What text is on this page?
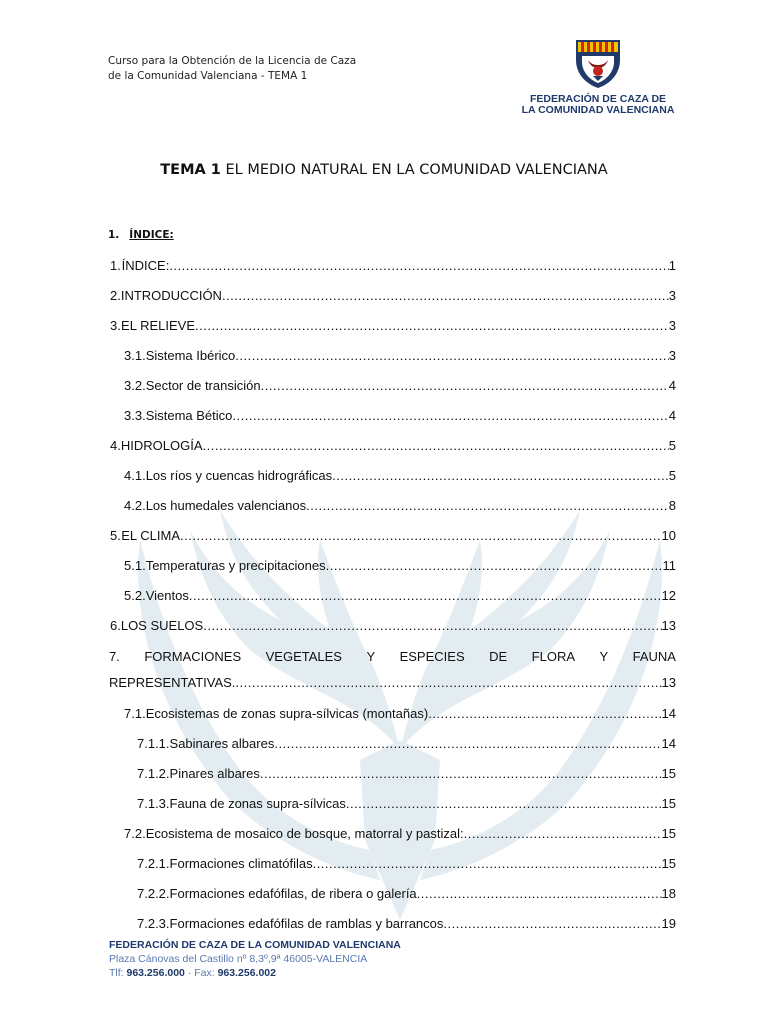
Curso para la Obtención de la Licencia de Caza
de la Comunidad Valenciana - TEMA 1
FEDERACIÓN DE CAZA DE
LA COMUNIDAD VALENCIANA
TEMA 1 EL MEDIO NATURAL EN LA COMUNIDAD VALENCIANA
1. ÍNDICE:
1. ÍNDICE: .....	1
2. INTRODUCCIÓN .....	3
3. EL RELIEVE .....	3
3.1. Sistema Ibérico .....	3
3.2. Sector de transición .....	4
3.3. Sistema Bético .....	4
4. HIDROLOGÍA .....	5
4.1. Los ríos y cuencas hidrográficas .....	5
4.2. Los humedales valencianos .....	8
5. EL CLIMA .....	10
5.1. Temperaturas y precipitaciones .....	11
5.2. Vientos .....	12
6. LOS SUELOS .....	13
7. FORMACIONES VEGETALES Y ESPECIES DE FLORA Y FAUNA
REPRESENTATIVAS. .....	13
7.1. Ecosistemas de zonas supra-sílvicas (montañas) .....	14
7.1.1. Sabinares albares .....	14
7.1.2. Pinares albares .....	15
7.1.3. Fauna de zonas supra-sílvicas .....	15
7.2. Ecosistema de mosaico de bosque, matorral y pastizal: .....	15
7.2.1. Formaciones climatófilas .....	15
7.2.2. Formaciones edafófilas, de ribera o galería .....	18
7.2.3. Formaciones edafófilas de ramblas y barrancos .....	19
FEDERACIÓN DE CAZA DE LA COMUNIDAD VALENCIANA
Plaza Cánovas del Castillo nº 8,3º,9ª 46005-VALENCIA
Tlf: 963.256.000 · Fax: 963.256.002
